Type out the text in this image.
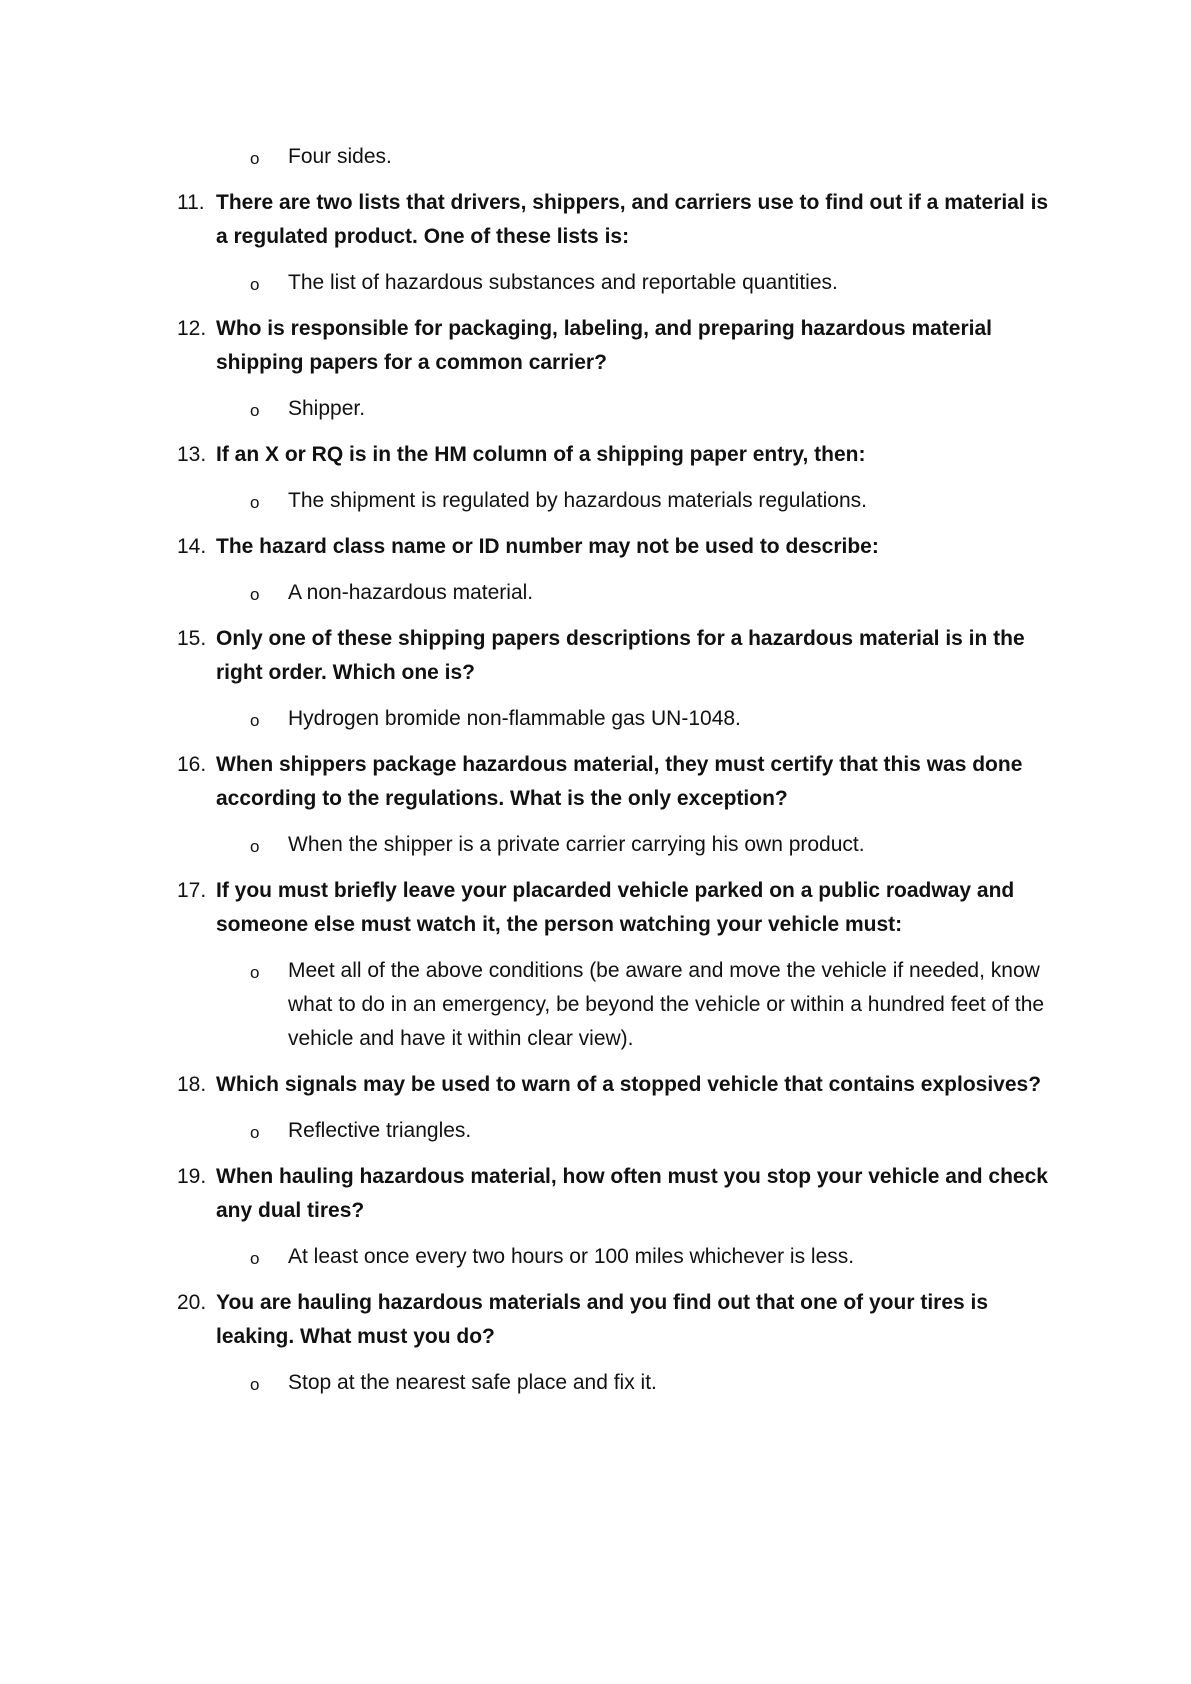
o Four sides.
11. There are two lists that drivers, shippers, and carriers use to find out if a material is a regulated product. One of these lists is:
o The list of hazardous substances and reportable quantities.
12. Who is responsible for packaging, labeling, and preparing hazardous material shipping papers for a common carrier?
o Shipper.
13. If an X or RQ is in the HM column of a shipping paper entry, then:
o The shipment is regulated by hazardous materials regulations.
14. The hazard class name or ID number may not be used to describe:
o A non-hazardous material.
15. Only one of these shipping papers descriptions for a hazardous material is in the right order. Which one is?
o Hydrogen bromide non-flammable gas UN-1048.
16. When shippers package hazardous material, they must certify that this was done according to the regulations. What is the only exception?
o When the shipper is a private carrier carrying his own product.
17. If you must briefly leave your placarded vehicle parked on a public roadway and someone else must watch it, the person watching your vehicle must:
o Meet all of the above conditions (be aware and move the vehicle if needed, know what to do in an emergency, be beyond the vehicle or within a hundred feet of the vehicle and have it within clear view).
18. Which signals may be used to warn of a stopped vehicle that contains explosives?
o Reflective triangles.
19. When hauling hazardous material, how often must you stop your vehicle and check any dual tires?
o At least once every two hours or 100 miles whichever is less.
20. You are hauling hazardous materials and you find out that one of your tires is leaking. What must you do?
o Stop at the nearest safe place and fix it.
